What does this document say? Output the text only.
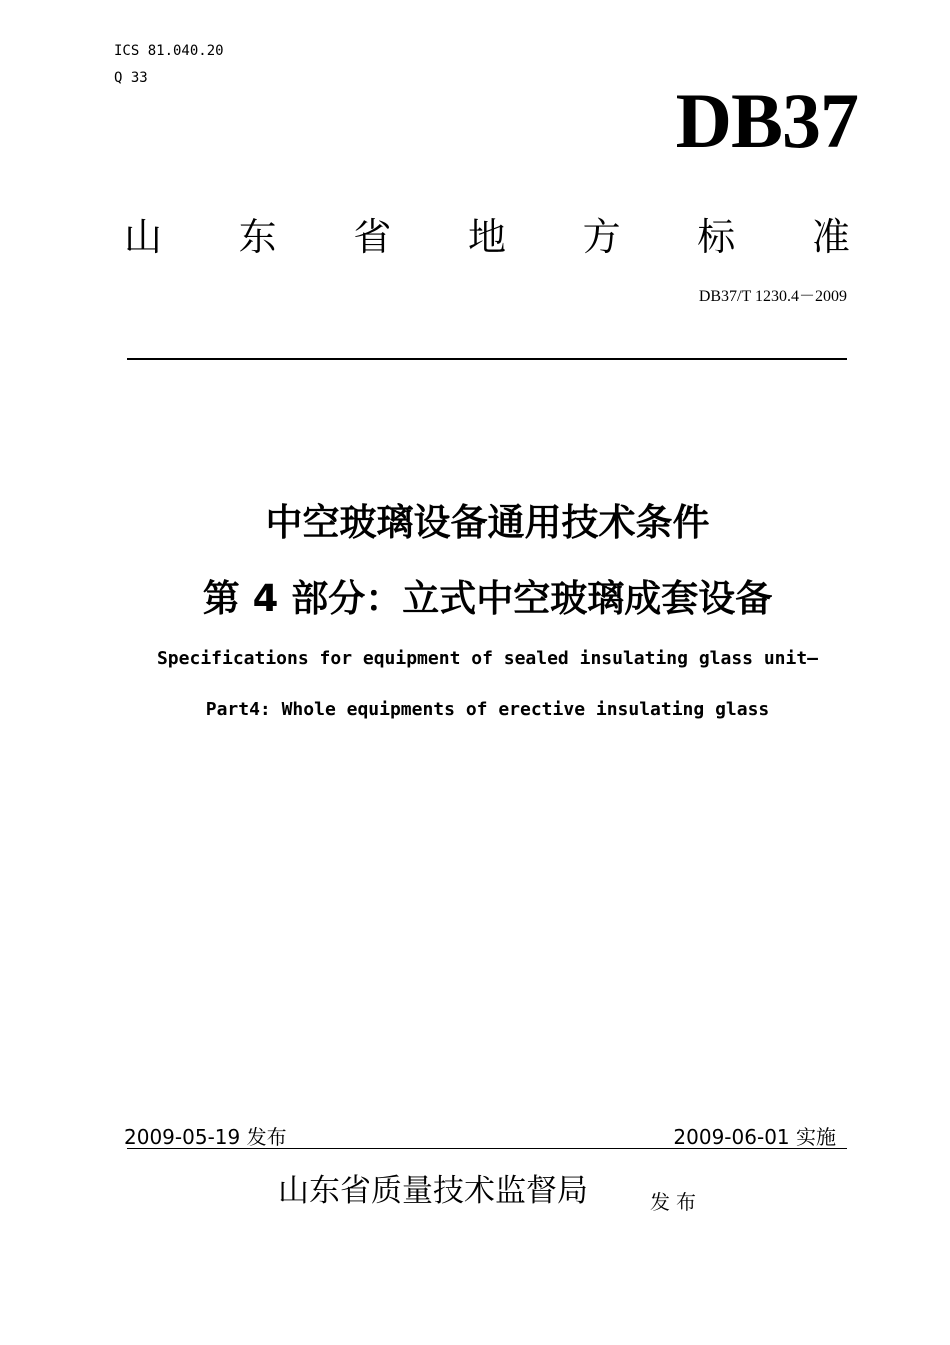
ICS 81.040.20
Q 33	DB37
山 东 省 地 方 标 准
DB37/T 1230.4－2009
中空玻璃设备通用技术条件
第 4 部分：立式中空玻璃成套设备
Specifications for equipment of sealed insulating glass unit—
Part4: Whole equipments of erective insulating glass
2009-05-19 发布	2009-06-01 实施
山东省质量技术监督局	发布
